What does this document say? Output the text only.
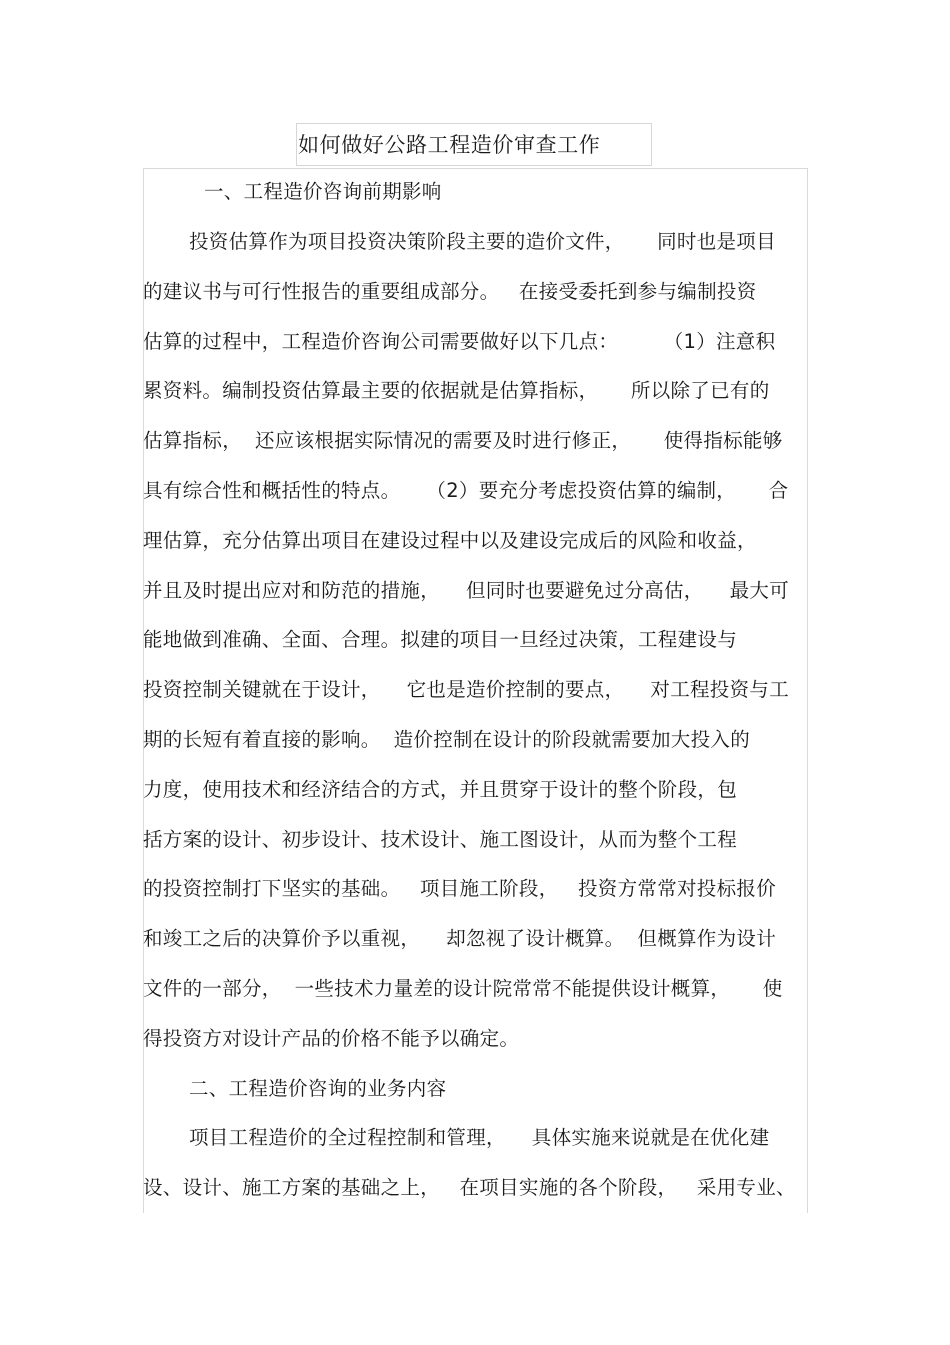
如何做好公路工程造价审查工作
一、工程造价咨询前期影响
投资估算作为项目投资决策阶段主要的造价文件，     同时也是项目
的建议书与可行性报告的重要组成部分。   在接受委托到参与编制投资
估算的过程中，工程造价咨询公司需要做好以下几点：       （1）注意积
累资料。编制投资估算最主要的依据就是估算指标，     所以除了已有的
估算指标，  还应该根据实际情况的需要及时进行修正，     使得指标能够
具有综合性和概括性的特点。    （2）要充分考虑投资估算的编制，     合
理估算，充分估算出项目在建设过程中以及建设完成后的风险和收益，
并且及时提出应对和防范的措施，    但同时也要避免过分高估，    最大可
能地做到准确、全面、合理。拟建的项目一旦经过决策，工程建设与
投资控制关键就在于设计，    它也是造价控制的要点，    对工程投资与工
期的长短有着直接的影响。  造价控制在设计的阶段就需要加大投入的
力度，使用技术和经济结合的方式，并且贯穿于设计的整个阶段，包
括方案的设计、初步设计、技术设计、施工图设计，从而为整个工程
的投资控制打下坚实的基础。   项目施工阶段，   投资方常常对投标报价
和竣工之后的决算价予以重视，    却忽视了设计概算。  但概算作为设计
文件的一部分，  一些技术力量差的设计院常常不能提供设计概算，     使
得投资方对设计产品的价格不能予以确定。
二、工程造价咨询的业务内容
项目工程造价的全过程控制和管理，    具体实施来说就是在优化建
设、设计、施工方案的基础之上，   在项目实施的各个阶段，   采用专业、
